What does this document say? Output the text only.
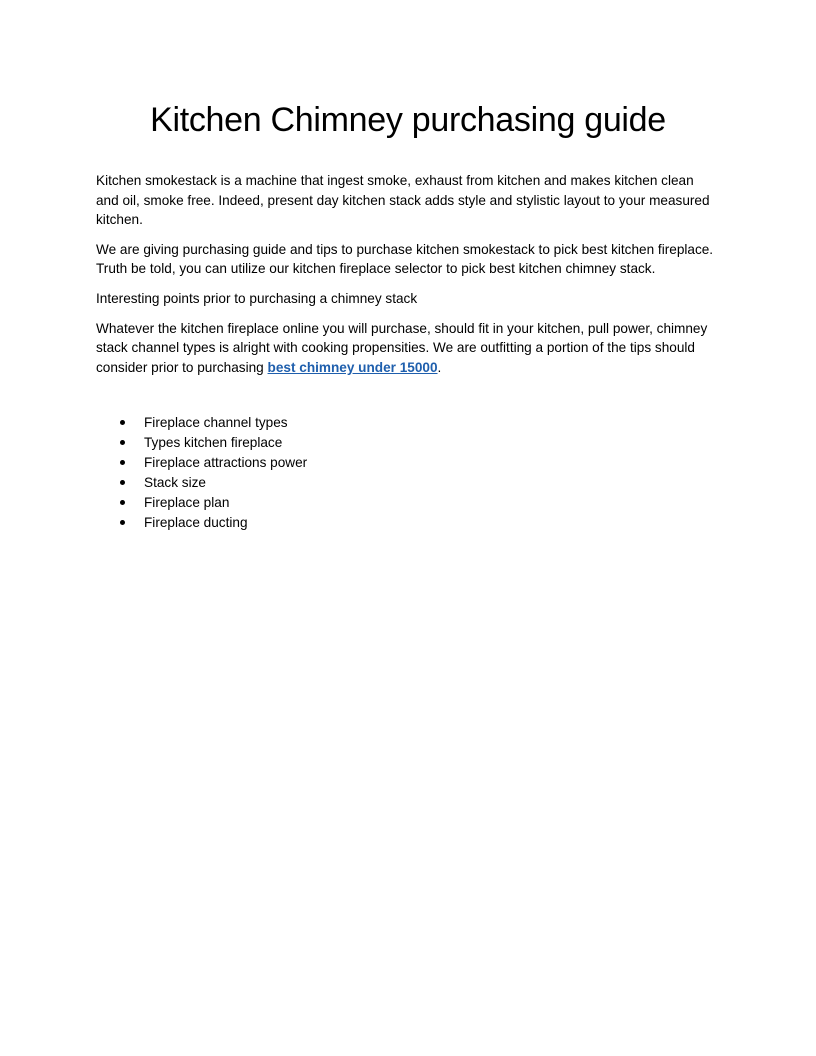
Kitchen Chimney purchasing guide

Kitchen smokestack is a machine that ingest smoke, exhaust from kitchen and makes kitchen clean and oil, smoke free. Indeed, present day kitchen stack adds style and stylistic layout to your measured kitchen.

We are giving purchasing guide and tips to purchase kitchen smokestack to pick best kitchen fireplace. Truth be told, you can utilize our kitchen fireplace selector to pick best kitchen chimney stack.

Interesting points prior to purchasing a chimney stack

Whatever the kitchen fireplace online you will purchase, should fit in your kitchen, pull power, chimney stack channel types is alright with cooking propensities. We are outfitting a portion of the tips should consider prior to purchasing best chimney under 15000.

Fireplace channel types
Types kitchen fireplace
Fireplace attractions power
Stack size
Fireplace plan
Fireplace ducting
